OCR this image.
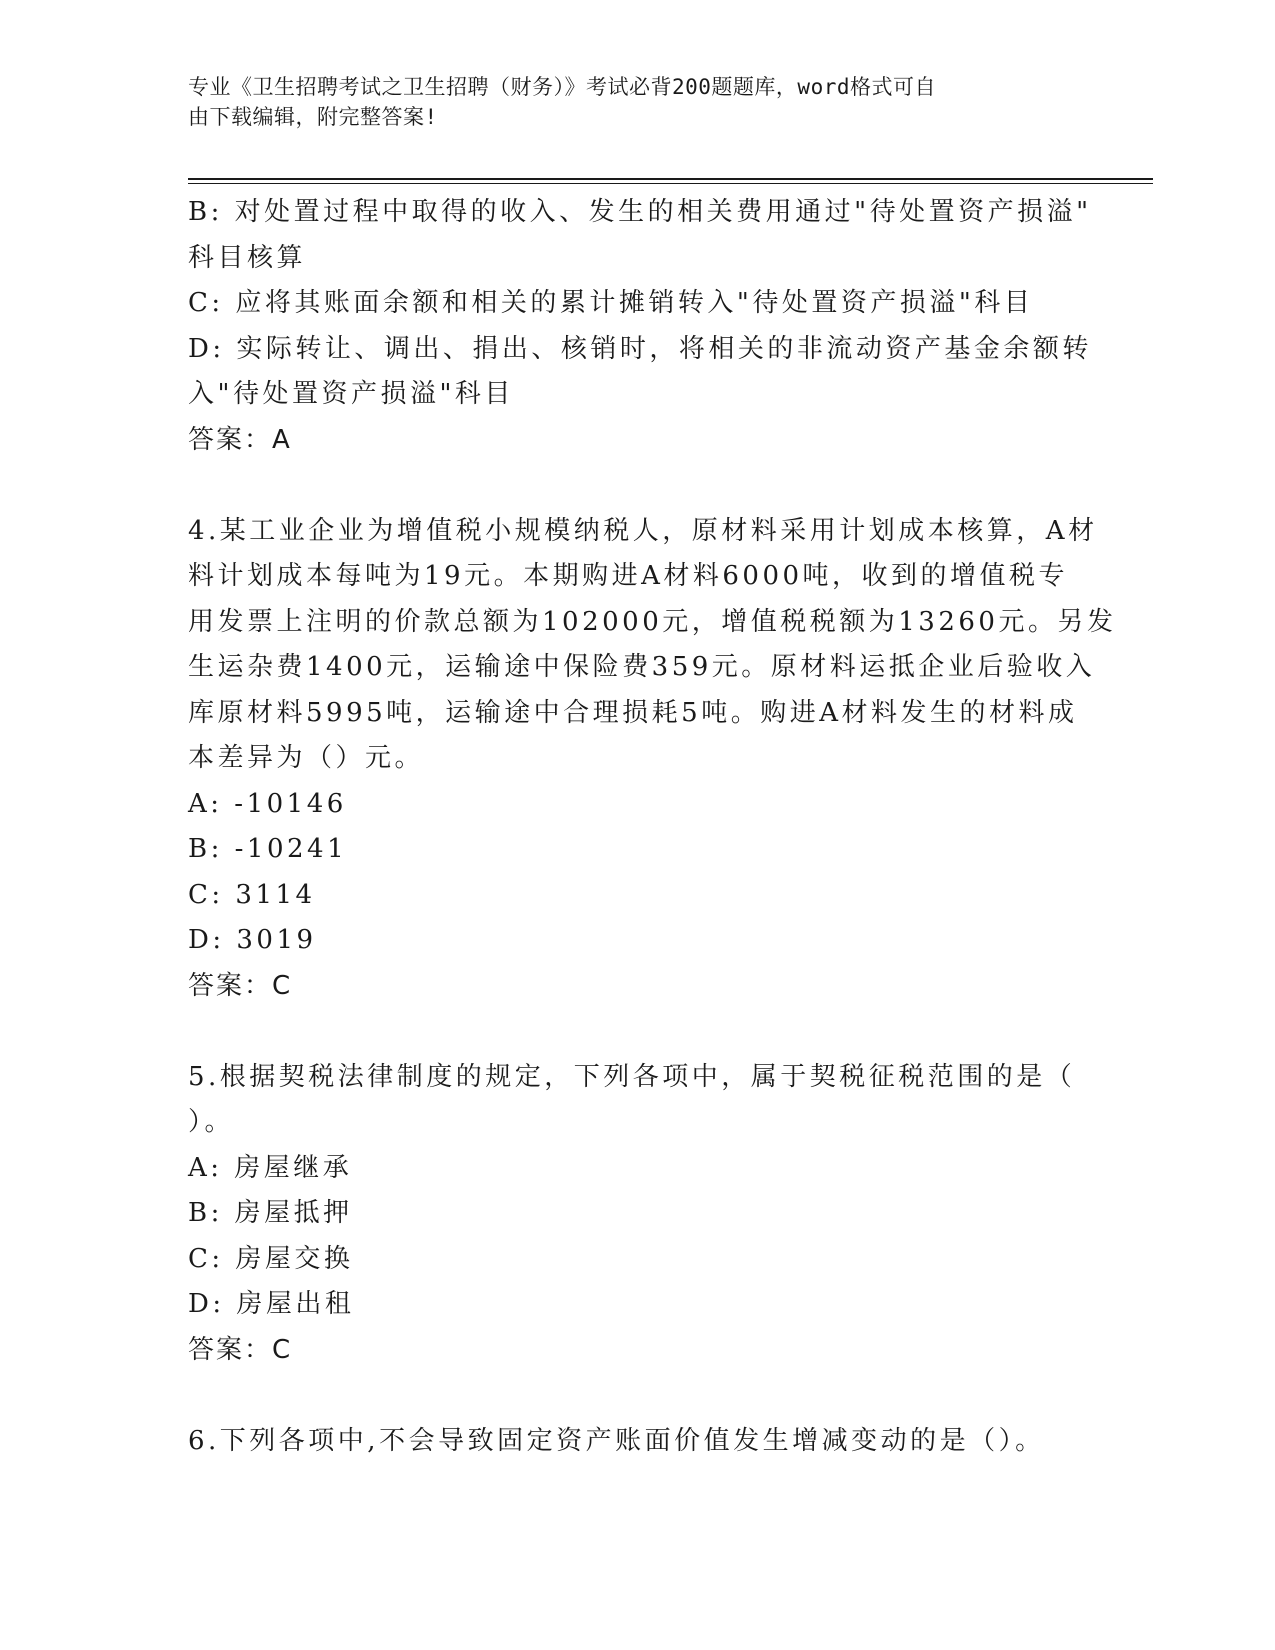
专业《卫生招聘考试之卫生招聘（财务）》考试必背200题题库，word格式可自
由下载编辑，附完整答案!
B: 对处置过程中取得的收入、发生的相关费用通过"待处置资产损溢"
科目核算
C: 应将其账面余额和相关的累计摊销转入"待处置资产损溢"科目
D: 实际转让、调出、捐出、核销时，将相关的非流动资产基金余额转
入"待处置资产损溢"科目
答案：A
4.某工业企业为增值税小规模纳税人，原材料采用计划成本核算，A材
料计划成本每吨为19元。本期购进A材料6000吨，收到的增值税专
用发票上注明的价款总额为102000元，增值税税额为13260元。另发
生运杂费1400元，运输途中保险费359元。原材料运抵企业后验收入
库原材料5995吨，运输途中合理损耗5吨。购进A材料发生的材料成
本差异为（）元。
A: -10146
B: -10241
C: 3114
D: 3019
答案：C
5.根据契税法律制度的规定，下列各项中，属于契税征税范围的是（
）。
A: 房屋继承
B: 房屋抵押
C: 房屋交换
D: 房屋出租
答案：C
6.下列各项中,不会导致固定资产账面价值发生增减变动的是（）。
